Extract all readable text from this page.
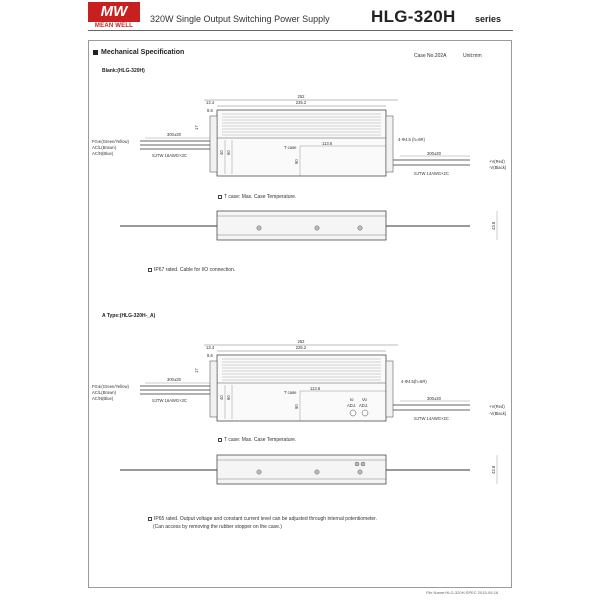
MW
MEAN WELL
320W Single Output Switching Power Supply HLG-320H series
Mechanical Specification	Case No.202A	Unit:mm
Blank:(HLG-320H)
A Type:(HLG-320H-_A)
252
225.2
13.4
8.6
17
40 60
90
113.6
T case
4-Φ4.5 (h=6R)
300±30
FG⊕(Green/Yellow)
AC/L(Brown)
AC/N(Blue)	SJTW 16AWG×3C	300±30
+V(Red)
-V(Black)
SJTW 14AWG×2C
43.8
252
225.2
13.4
8.6
17
40 60
90
113.6
T case
4-Φ4.5(h=6R)
Io Vo
ADJ. ADJ.
300±30
FG⊕(Green/Yellow)
AC/L(Brown)
AC/N(Blue)	SJTW 16AWG×3C	300±30
+V(Red)
-V(Black)
SJTW 14AWG×2C
43.8
T case: Max. Case Temperature.
IP67 rated. Cable for I/O connection.
T case: Max. Case Temperature.
IP65 rated. Output voltage and constant current level can be adjusted through internal potentiometer.
(Can access by removing the rubber stopper on the case.)
File Name:HLG-320H-SPEC 2015-09-16
